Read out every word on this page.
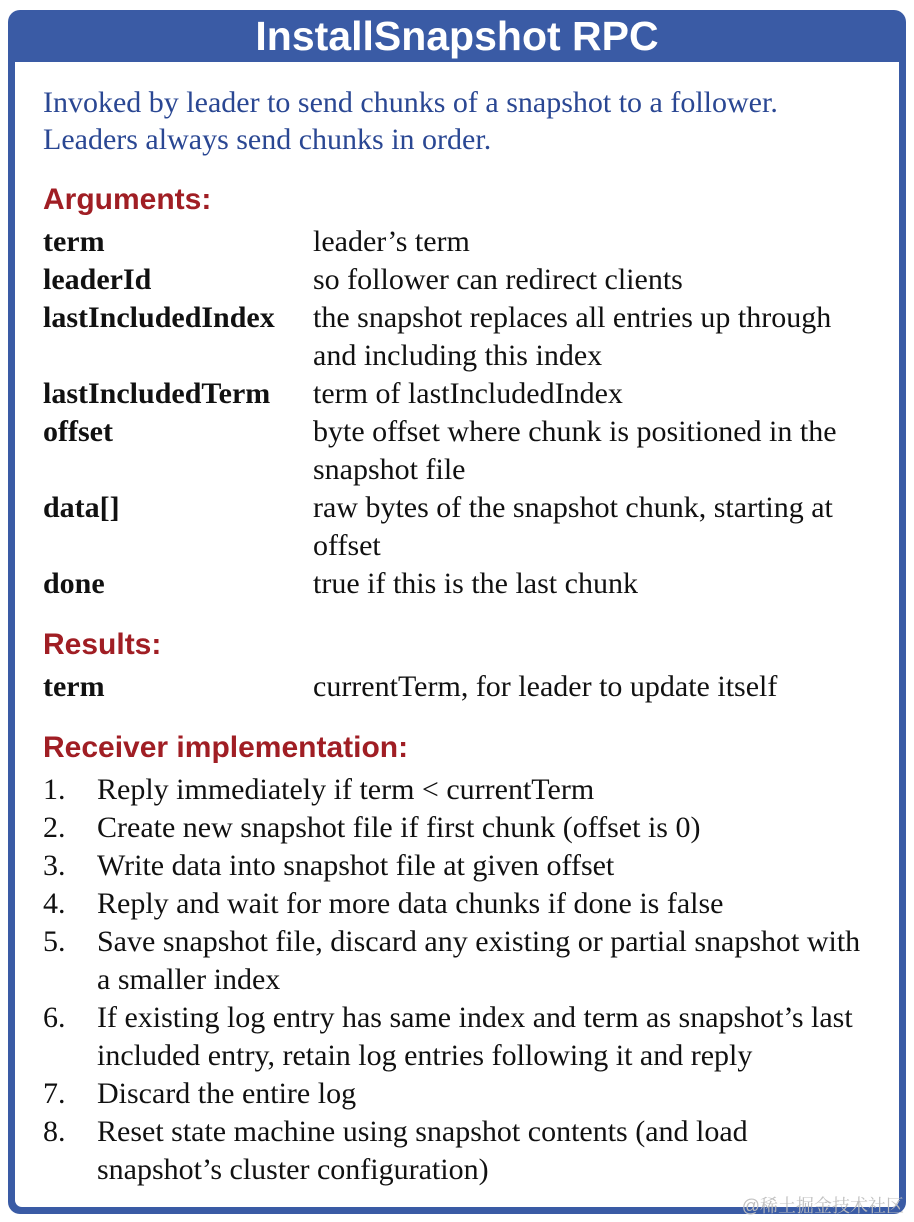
InstallSnapshot RPC

Invoked by leader to send chunks of a snapshot to a follower. Leaders always send chunks in order.

Arguments:
term	leader’s term
leaderId	so follower can redirect clients
lastIncludedIndex	the snapshot replaces all entries up through and including this index
lastIncludedTerm	term of lastIncludedIndex
offset	byte offset where chunk is positioned in the snapshot file
data[]	raw bytes of the snapshot chunk, starting at offset
done	true if this is the last chunk
Results:
term	currentTerm, for leader to update itself
Receiver implementation:
1.	Reply immediately if term < currentTerm
2.	Create new snapshot file if first chunk (offset is 0)
3.	Write data into snapshot file at given offset
4.	Reply and wait for more data chunks if done is false
5.	Save snapshot file, discard any existing or partial snapshot with a smaller index
6.	If existing log entry has same index and term as snapshot’s last included entry, retain log entries following it and reply
7.	Discard the entire log
8.	Reset state machine using snapshot contents (and load snapshot’s cluster configuration)
@稀土掘金技术社区
